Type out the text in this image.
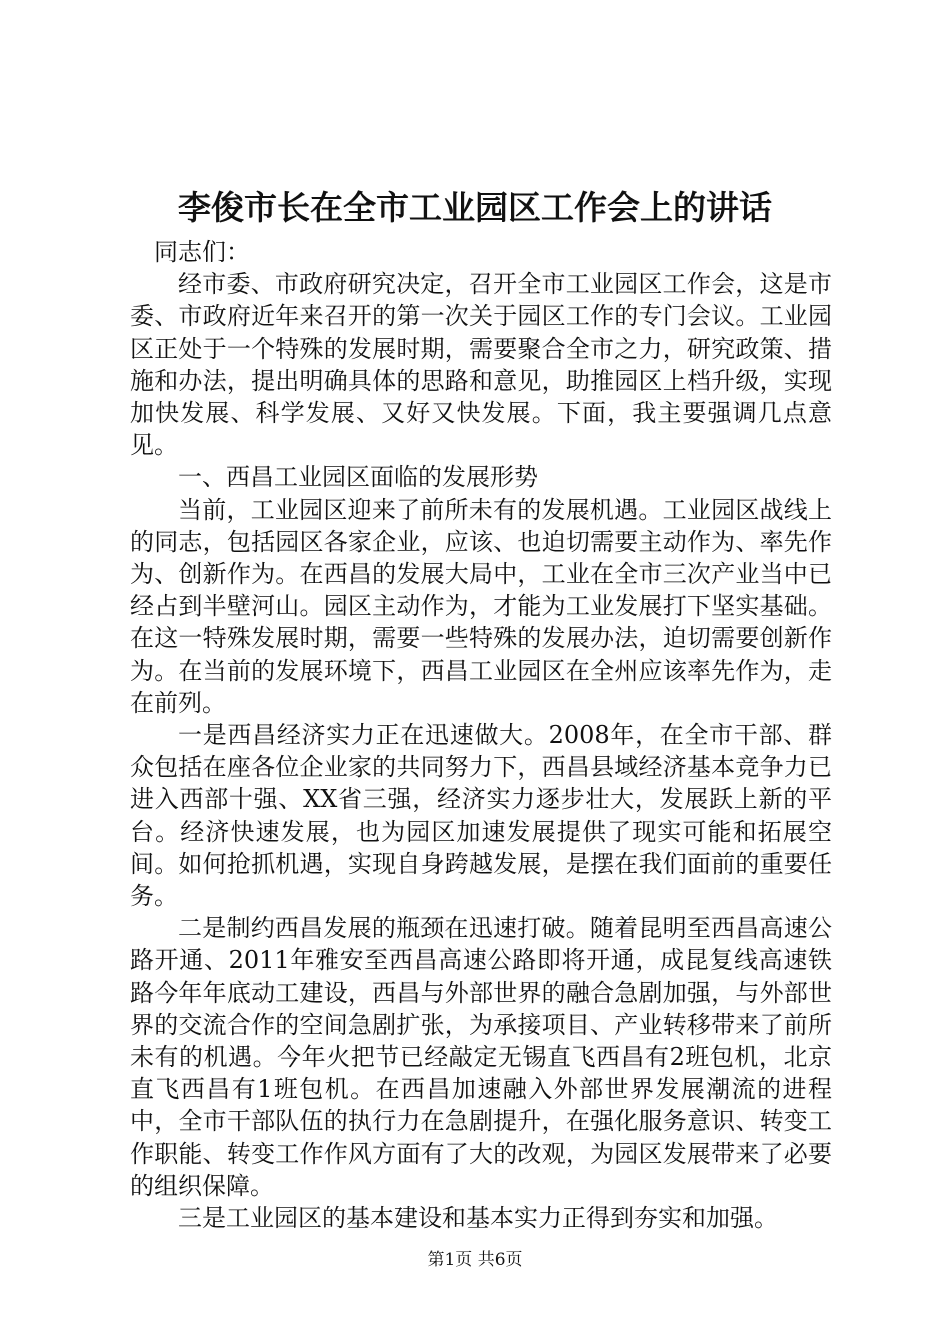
李俊市长在全市工业园区工作会上的讲话

同志们：

经市委、市政府研究决定，召开全市工业园区工作会，这是市委、市政府近年来召开的第一次关于园区工作的专门会议。工业园区正处于一个特殊的发展时期，需要聚合全市之力，研究政策、措施和办法，提出明确具体的思路和意见，助推园区上档升级，实现加快发展、科学发展、又好又快发展。下面，我主要强调几点意见。

一、西昌工业园区面临的发展形势

当前，工业园区迎来了前所未有的发展机遇。工业园区战线上的同志，包括园区各家企业，应该、也迫切需要主动作为、率先作为、创新作为。在西昌的发展大局中，工业在全市三次产业当中已经占到半壁河山。园区主动作为，才能为工业发展打下坚实基础。在这一特殊发展时期，需要一些特殊的发展办法，迫切需要创新作为。在当前的发展环境下，西昌工业园区在全州应该率先作为，走在前列。

一是西昌经济实力正在迅速做大。2008年，在全市干部、群众包括在座各位企业家的共同努力下，西昌县域经济基本竞争力已进入西部十强、XX省三强，经济实力逐步壮大，发展跃上新的平台。经济快速发展，也为园区加速发展提供了现实可能和拓展空间。如何抢抓机遇，实现自身跨越发展，是摆在我们面前的重要任务。

二是制约西昌发展的瓶颈在迅速打破。随着昆明至西昌高速公路开通、2011年雅安至西昌高速公路即将开通，成昆复线高速铁路今年年底动工建设，西昌与外部世界的融合急剧加强，与外部世界的交流合作的空间急剧扩张，为承接项目、产业转移带来了前所未有的机遇。今年火把节已经敲定无锡直飞西昌有2班包机，北京直飞西昌有1班包机。在西昌加速融入外部世界发展潮流的进程中，全市干部队伍的执行力在急剧提升，在强化服务意识、转变工作职能、转变工作作风方面有了大的改观，为园区发展带来了必要的组织保障。

三是工业园区的基本建设和基本实力正得到夯实和加强。

第1页 共6页
